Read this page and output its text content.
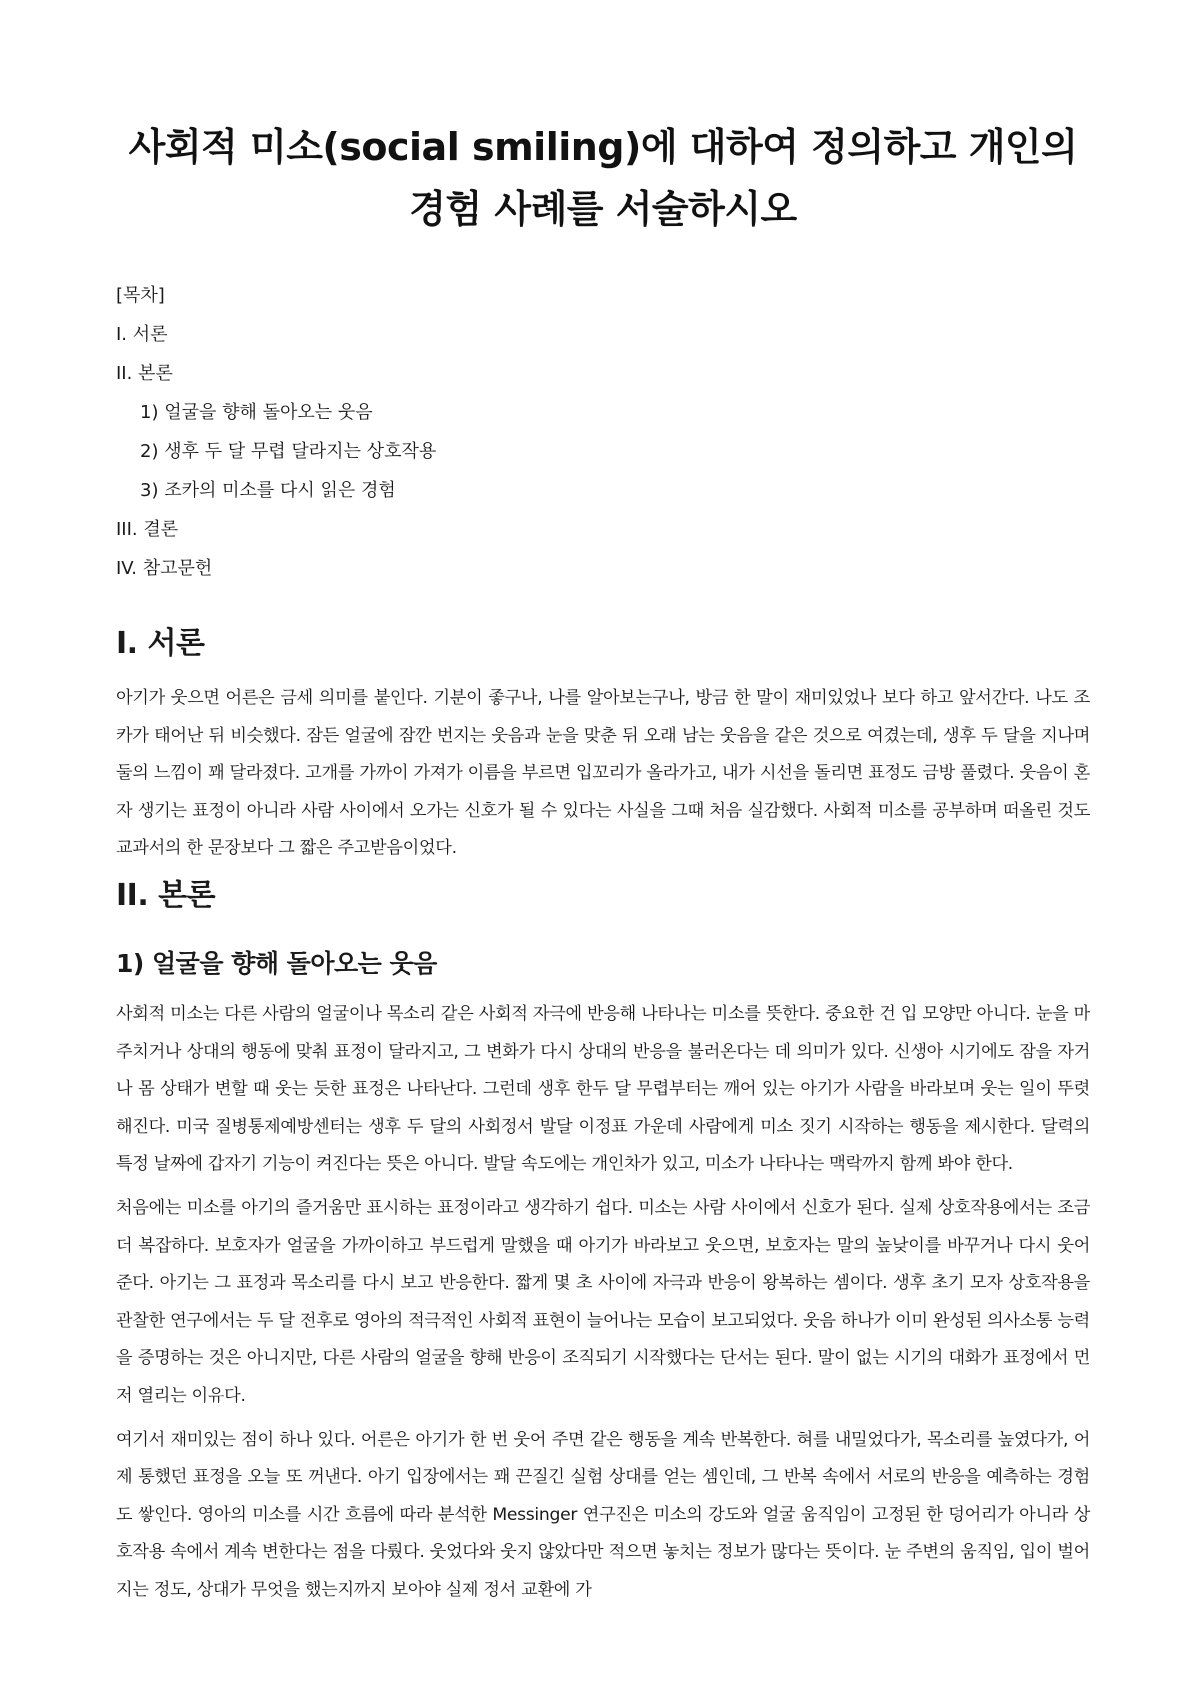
사회적 미소(social smiling)에 대하여 정의하고 개인의 경험 사례를 서술하시오

[목차]

I. 서론

II. 본론

1) 얼굴을 향해 돌아오는 웃음

2) 생후 두 달 무렵 달라지는 상호작용

3) 조카의 미소를 다시 읽은 경험

III. 결론

IV. 참고문헌

I. 서론

아기가 웃으면 어른은 금세 의미를 붙인다. 기분이 좋구나, 나를 알아보는구나, 방금 한 말이 재미있었나 보다 하고 앞서간다. 나도 조카가 태어난 뒤 비슷했다. 잠든 얼굴에 잠깐 번지는 웃음과 눈을 맞춘 뒤 오래 남는 웃음을 같은 것으로 여겼는데, 생후 두 달을 지나며 둘의 느낌이 꽤 달라졌다. 고개를 가까이 가져가 이름을 부르면 입꼬리가 올라가고, 내가 시선을 돌리면 표정도 금방 풀렸다. 웃음이 혼자 생기는 표정이 아니라 사람 사이에서 오가는 신호가 될 수 있다는 사실을 그때 처음 실감했다. 사회적 미소를 공부하며 떠올린 것도 교과서의 한 문장보다 그 짧은 주고받음이었다.

II. 본론
1) 얼굴을 향해 돌아오는 웃음

사회적 미소는 다른 사람의 얼굴이나 목소리 같은 사회적 자극에 반응해 나타나는 미소를 뜻한다. 중요한 건 입 모양만 아니다. 눈을 마주치거나 상대의 행동에 맞춰 표정이 달라지고, 그 변화가 다시 상대의 반응을 불러온다는 데 의미가 있다. 신생아 시기에도 잠을 자거나 몸 상태가 변할 때 웃는 듯한 표정은 나타난다. 그런데 생후 한두 달 무렵부터는 깨어 있는 아기가 사람을 바라보며 웃는 일이 뚜렷해진다. 미국 질병통제예방센터는 생후 두 달의 사회정서 발달 이정표 가운데 사람에게 미소 짓기 시작하는 행동을 제시한다. 달력의 특정 날짜에 갑자기 기능이 켜진다는 뜻은 아니다. 발달 속도에는 개인차가 있고, 미소가 나타나는 맥락까지 함께 봐야 한다.

처음에는 미소를 아기의 즐거움만 표시하는 표정이라고 생각하기 쉽다. 미소는 사람 사이에서 신호가 된다. 실제 상호작용에서는 조금 더 복잡하다. 보호자가 얼굴을 가까이하고 부드럽게 말했을 때 아기가 바라보고 웃으면, 보호자는 말의 높낮이를 바꾸거나 다시 웃어 준다. 아기는 그 표정과 목소리를 다시 보고 반응한다. 짧게 몇 초 사이에 자극과 반응이 왕복하는 셈이다. 생후 초기 모자 상호작용을 관찰한 연구에서는 두 달 전후로 영아의 적극적인 사회적 표현이 늘어나는 모습이 보고되었다. 웃음 하나가 이미 완성된 의사소통 능력을 증명하는 것은 아니지만, 다른 사람의 얼굴을 향해 반응이 조직되기 시작했다는 단서는 된다. 말이 없는 시기의 대화가 표정에서 먼저 열리는 이유다.

여기서 재미있는 점이 하나 있다. 어른은 아기가 한 번 웃어 주면 같은 행동을 계속 반복한다. 혀를 내밀었다가, 목소리를 높였다가, 어제 통했던 표정을 오늘 또 꺼낸다. 아기 입장에서는 꽤 끈질긴 실험 상대를 얻는 셈인데, 그 반복 속에서 서로의 반응을 예측하는 경험도 쌓인다. 영아의 미소를 시간 흐름에 따라 분석한 Messinger 연구진은 미소의 강도와 얼굴 움직임이 고정된 한 덩어리가 아니라 상호작용 속에서 계속 변한다는 점을 다뤘다. 웃었다와 웃지 않았다만 적으면 놓치는 정보가 많다는 뜻이다. 눈 주변의 움직임, 입이 벌어지는 정도, 상대가 무엇을 했는지까지 보아야 실제 정서 교환에 가
